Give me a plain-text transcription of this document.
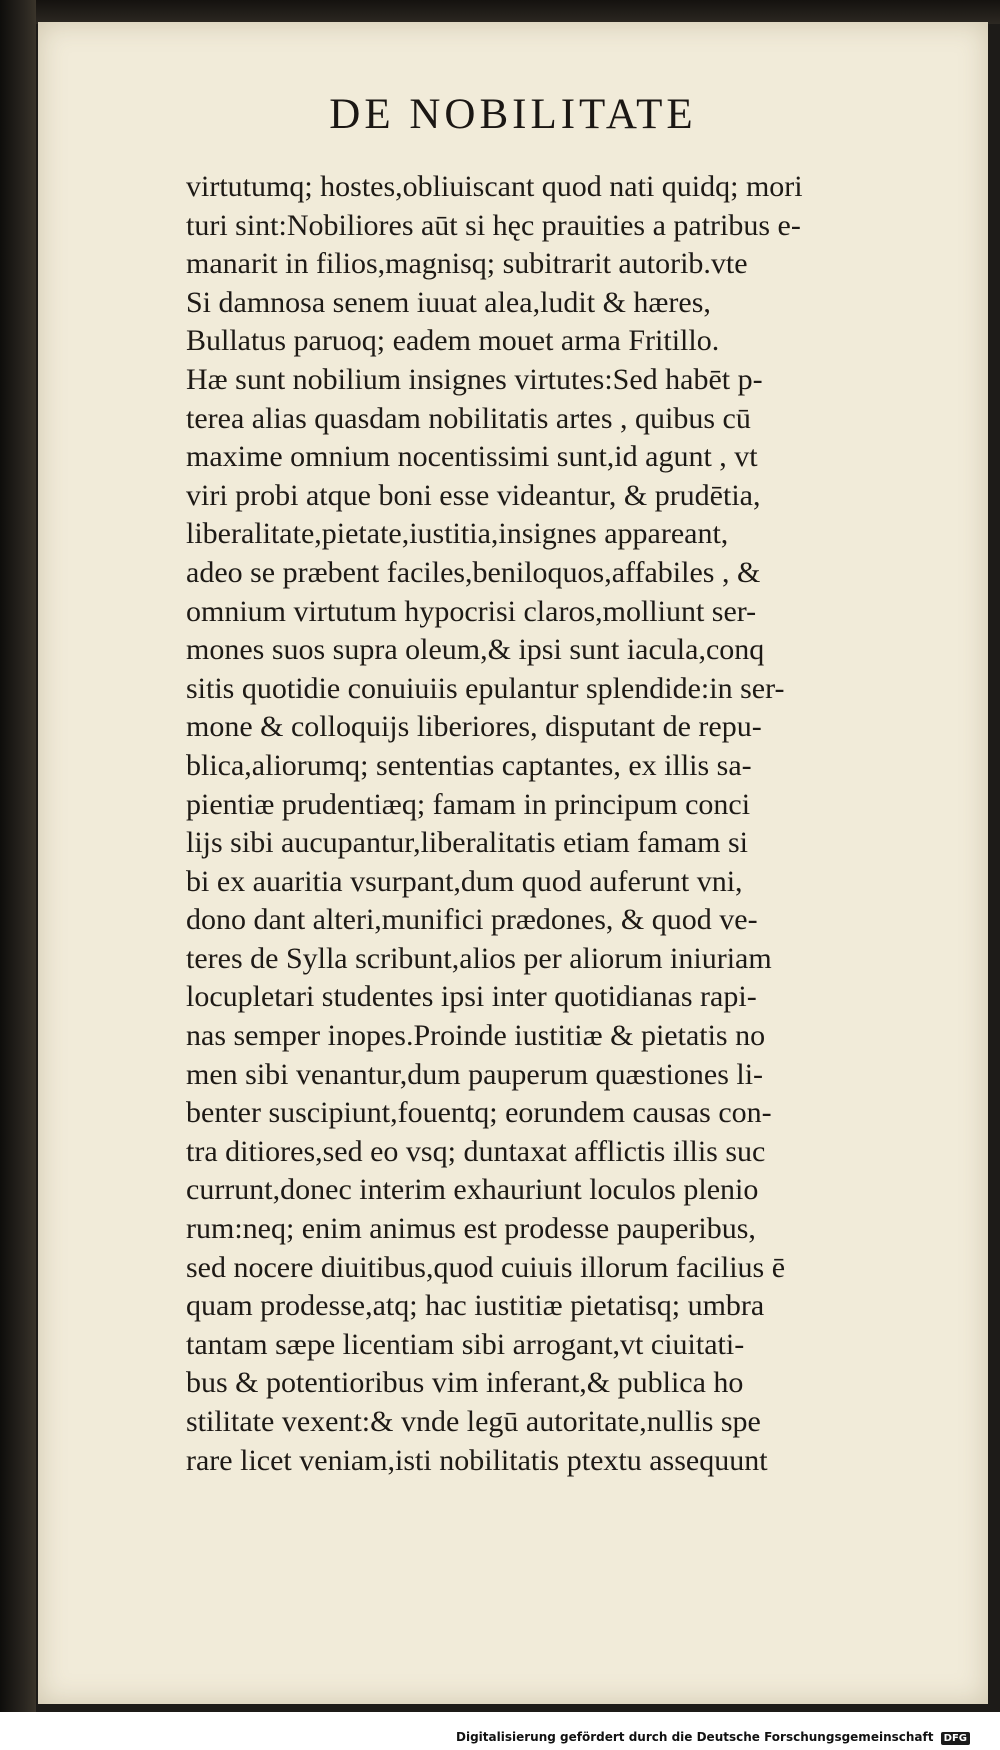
DE NOBILITATE
virtutumq; hostes,obliuiscant quod nati quidq; mori
turi sint:Nobiliores aūt si hęc prauities a patribus e-
manarit in filios,magnisq; subitrarit autorib.vte
Si damnosa senem iuuat alea,ludit & hæres,
Bullatus paruoq; eadem mouet arma Fritillo.
Hæ sunt nobilium insignes virtutes:Sed habēt p-
terea alias quasdam nobilitatis artes , quibus cū
maxime omnium nocentissimi sunt,id agunt , vt
viri probi atque boni esse videantur, & prudētia,
liberalitate,pietate,iustitia,insignes appareant,
adeo se præbent faciles,beniloquos,affabiles , &
omnium virtutum hypocrisi claros,molliunt ser-
mones suos supra oleum,& ipsi sunt iacula,conq
sitis quotidie conuiuiis epulantur splendide:in ser-
mone & colloquijs liberiores, disputant de repu-
blica,aliorumq; sententias captantes, ex illis sa-
pientiæ prudentiæq; famam in principum conci
lijs sibi aucupantur,liberalitatis etiam famam si
bi ex auaritia vsurpant,dum quod auferunt vni,
dono dant alteri,munifici prædones, & quod ve-
teres de Sylla scribunt,alios per aliorum iniuriam
locupletari studentes ipsi inter quotidianas rapi-
nas semper inopes.Proinde iustitiæ & pietatis no
men sibi venantur,dum pauperum quæstiones li-
benter suscipiunt,fouentq; eorundem causas con-
tra ditiores,sed eo vsq; duntaxat afflictis illis suc
currunt,donec interim exhauriunt loculos plenio
rum:neq; enim animus est prodesse pauperibus,
sed nocere diuitibus,quod cuiuis illorum facilius ē
quam prodesse,atq; hac iustitiæ pietatisq; umbra
tantam sæpe licentiam sibi arrogant,vt ciuitati-
bus & potentioribus vim inferant,& publica ho
stilitate vexent:& vnde legū autoritate,nullis spe
rare licet veniam,isti nobilitatis ptextu assequunt
Digitalisierung gefördert durch die Deutsche Forschungsgemeinschaft DFG
